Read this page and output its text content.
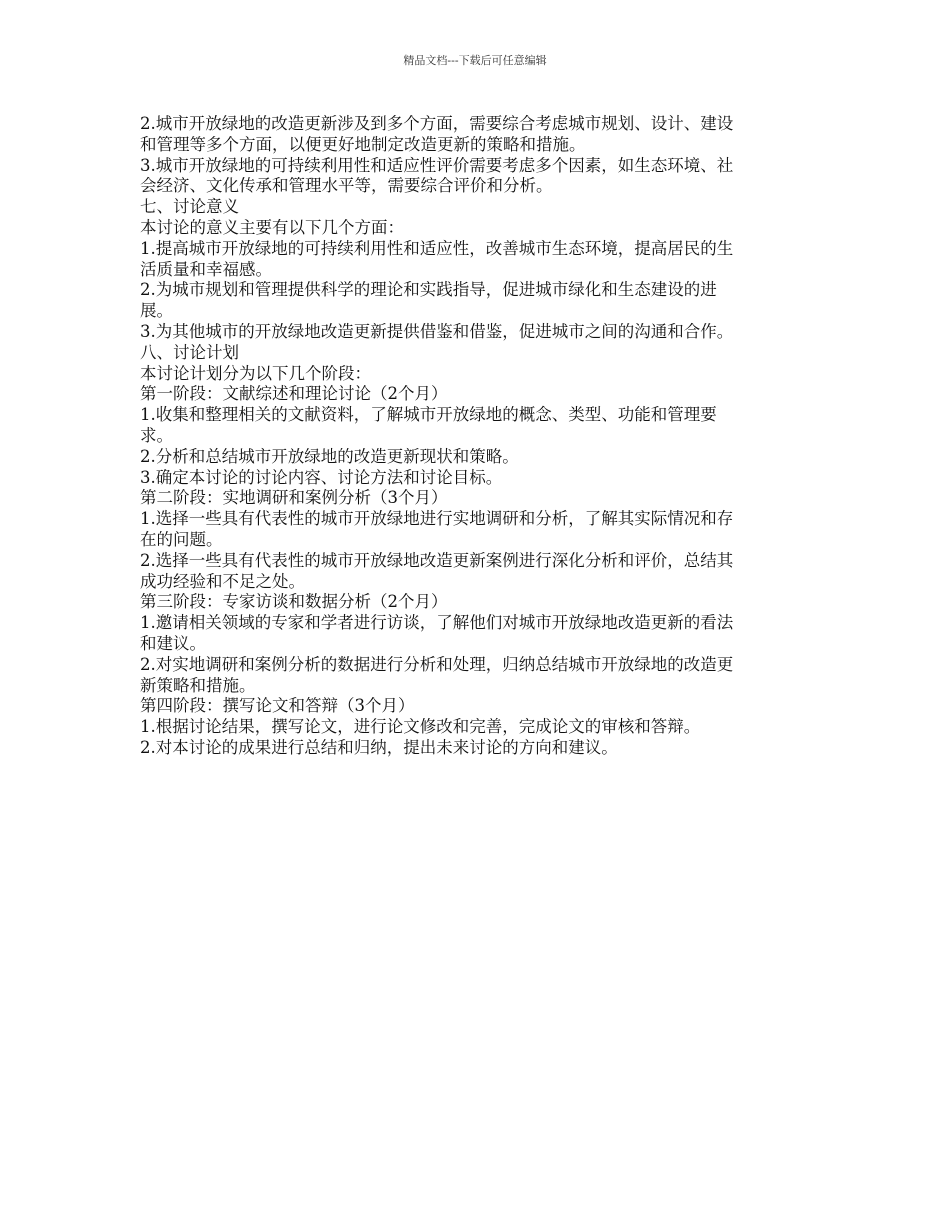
精品文档---下载后可任意编辑
2.城市开放绿地的改造更新涉及到多个方面，需要综合考虑城市规划、设计、建设
和管理等多个方面，以便更好地制定改造更新的策略和措施。
3.城市开放绿地的可持续利用性和适应性评价需要考虑多个因素，如生态环境、社
会经济、文化传承和管理水平等，需要综合评价和分析。
七、讨论意义
本讨论的意义主要有以下几个方面：
1.提高城市开放绿地的可持续利用性和适应性，改善城市生态环境，提高居民的生
活质量和幸福感。
2.为城市规划和管理提供科学的理论和实践指导，促进城市绿化和生态建设的进
展。
3.为其他城市的开放绿地改造更新提供借鉴和借鉴，促进城市之间的沟通和合作。
八、讨论计划
本讨论计划分为以下几个阶段：
第一阶段：文献综述和理论讨论（2个月）
1.收集和整理相关的文献资料，了解城市开放绿地的概念、类型、功能和管理要
求。
2.分析和总结城市开放绿地的改造更新现状和策略。
3.确定本讨论的讨论内容、讨论方法和讨论目标。
第二阶段：实地调研和案例分析（3个月）
1.选择一些具有代表性的城市开放绿地进行实地调研和分析，了解其实际情况和存
在的问题。
2.选择一些具有代表性的城市开放绿地改造更新案例进行深化分析和评价，总结其
成功经验和不足之处。
第三阶段：专家访谈和数据分析（2个月）
1.邀请相关领域的专家和学者进行访谈，了解他们对城市开放绿地改造更新的看法
和建议。
2.对实地调研和案例分析的数据进行分析和处理，归纳总结城市开放绿地的改造更
新策略和措施。
第四阶段：撰写论文和答辩（3个月）
1.根据讨论结果，撰写论文，进行论文修改和完善，完成论文的审核和答辩。
2.对本讨论的成果进行总结和归纳，提出未来讨论的方向和建议。
